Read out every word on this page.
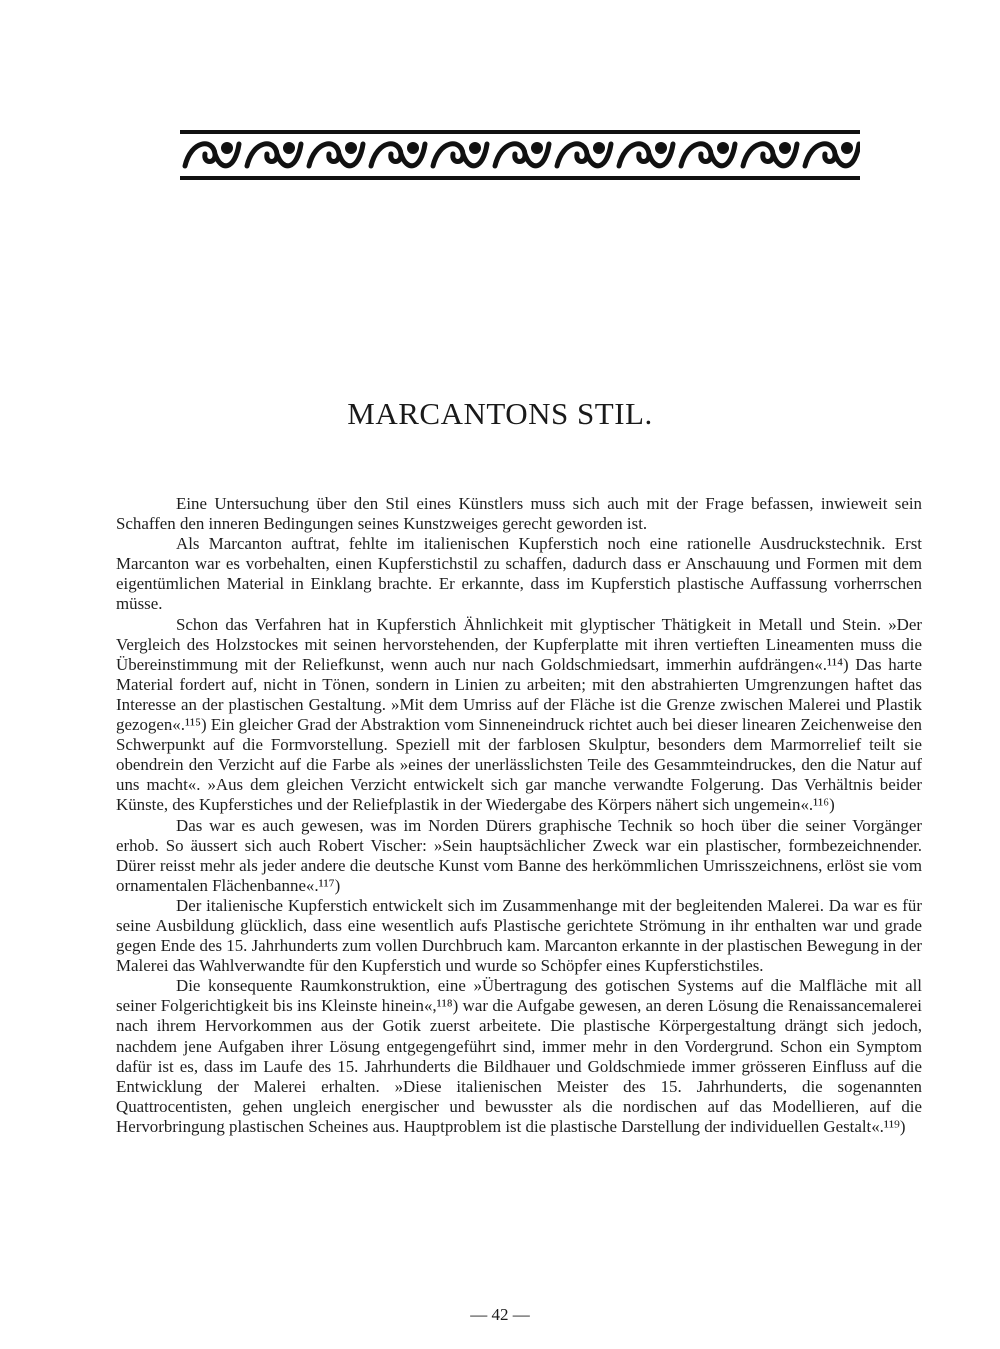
MARCANTONS STIL.

Eine Untersuchung über den Stil eines Künstlers muss sich auch mit der Frage befassen, inwieweit sein Schaffen den inneren Bedingungen seines Kunstzweiges gerecht geworden ist.

Als Marcanton auftrat, fehlte im italienischen Kupferstich noch eine rationelle Ausdruckstechnik. Erst Marcanton war es vorbehalten, einen Kupferstichstil zu schaffen, dadurch dass er Anschauung und Formen mit dem eigentümlichen Material in Einklang brachte. Er erkannte, dass im Kupferstich plastische Auffassung vorherrschen müsse.

Schon das Verfahren hat in Kupferstich Ähnlichkeit mit glyptischer Thätigkeit in Metall und Stein. »Der Vergleich des Holzstockes mit seinen hervorstehenden, der Kupferplatte mit ihren vertieften Lineamenten muss die Übereinstimmung mit der Reliefkunst, wenn auch nur nach Goldschmiedsart, immerhin aufdrängen«.¹¹⁴) Das harte Material fordert auf, nicht in Tönen, sondern in Linien zu arbeiten; mit den abstrahierten Umgrenzungen haftet das Interesse an der plastischen Gestaltung. »Mit dem Umriss auf der Fläche ist die Grenze zwischen Malerei und Plastik gezogen«.¹¹⁵) Ein gleicher Grad der Abstraktion vom Sinneneindruck richtet auch bei dieser linearen Zeichenweise den Schwerpunkt auf die Formvorstellung. Speziell mit der farblosen Skulptur, besonders dem Marmorrelief teilt sie obendrein den Verzicht auf die Farbe als »eines der unerlässlichsten Teile des Gesammteindruckes, den die Natur auf uns macht«. »Aus dem gleichen Verzicht entwickelt sich gar manche verwandte Folgerung. Das Verhältnis beider Künste, des Kupferstiches und der Reliefplastik in der Wiedergabe des Körpers nähert sich ungemein«.¹¹⁶)

Das war es auch gewesen, was im Norden Dürers graphische Technik so hoch über die seiner Vorgänger erhob. So äussert sich auch Robert Vischer: »Sein hauptsächlicher Zweck war ein plastischer, formbezeichnender. Dürer reisst mehr als jeder andere die deutsche Kunst vom Banne des herkömmlichen Umrisszeichnens, erlöst sie vom ornamentalen Flächenbanne«.¹¹⁷)

Der italienische Kupferstich entwickelt sich im Zusammenhange mit der begleitenden Malerei. Da war es für seine Ausbildung glücklich, dass eine wesentlich aufs Plastische gerichtete Strömung in ihr enthalten war und grade gegen Ende des 15. Jahrhunderts zum vollen Durchbruch kam. Marcanton erkannte in der plastischen Bewegung in der Malerei das Wahlverwandte für den Kupferstich und wurde so Schöpfer eines Kupferstichstiles.

Die konsequente Raumkonstruktion, eine »Übertragung des gotischen Systems auf die Malfläche mit all seiner Folgerichtigkeit bis ins Kleinste hinein«,¹¹⁸) war die Aufgabe gewesen, an deren Lösung die Renaissancemalerei nach ihrem Hervorkommen aus der Gotik zuerst arbeitete. Die plastische Körpergestaltung drängt sich jedoch, nachdem jene Aufgaben ihrer Lösung entgegengeführt sind, immer mehr in den Vordergrund. Schon ein Symptom dafür ist es, dass im Laufe des 15. Jahrhunderts die Bildhauer und Goldschmiede immer grösseren Einfluss auf die Entwicklung der Malerei erhalten. »Diese italienischen Meister des 15. Jahrhunderts, die sogenannten Quattrocentisten, gehen ungleich energischer und bewusster als die nordischen auf das Modellieren, auf die Hervorbringung plastischen Scheines aus. Hauptproblem ist die plastische Darstellung der individuellen Gestalt«.¹¹⁹)

— 42 —
